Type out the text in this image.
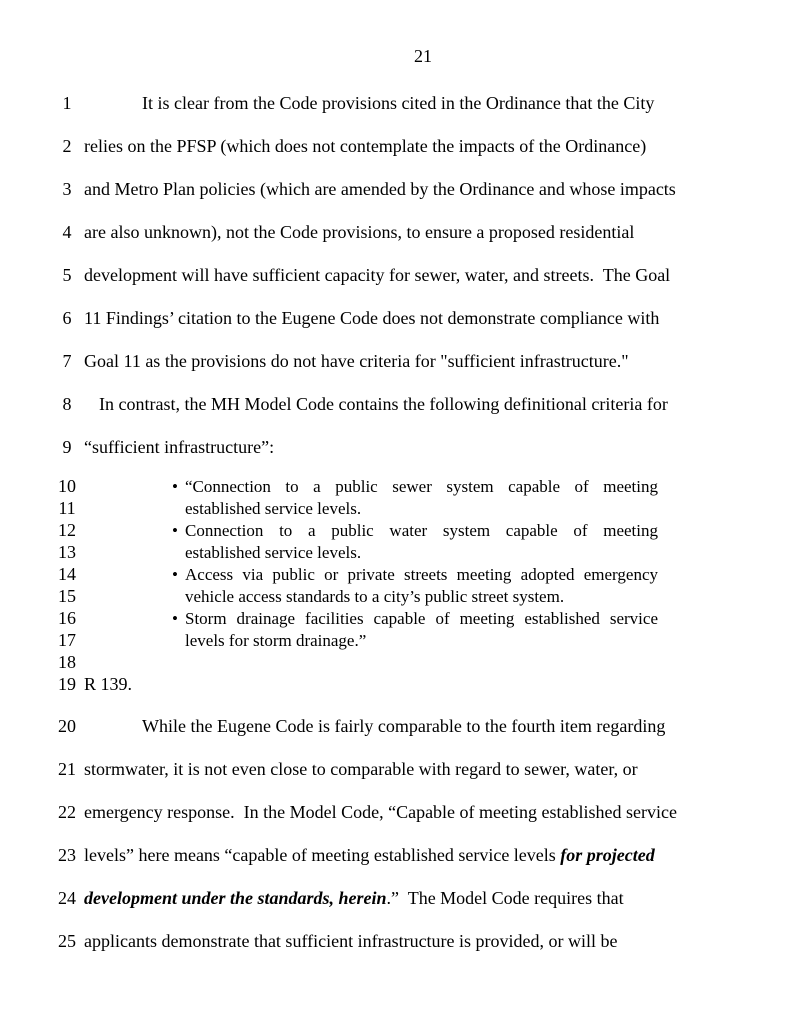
21
1	It is clear from the Code provisions cited in the Ordinance that the City
2 relies on the PFSP (which does not contemplate the impacts of the Ordinance)
3 and Metro Plan policies (which are amended by the Ordinance and whose impacts
4 are also unknown), not the Code provisions, to ensure a proposed residential
5 development will have sufficient capacity for sewer, water, and streets.  The Goal
6 11 Findings’ citation to the Eugene Code does not demonstrate compliance with
7 Goal 11 as the provisions do not have criteria for "sufficient infrastructure."
8	In contrast, the MH Model Code contains the following definitional criteria for
9 “sufficient infrastructure”:
10	• “Connection to a public sewer system capable of meeting
11	established service levels.
12	• Connection to a public water system capable of meeting
13	established service levels.
14	• Access via public or private streets meeting adopted emergency
15	vehicle access standards to a city’s public street system.
16	• Storm drainage facilities capable of meeting established service
17	levels for storm drainage.”
18
19 R 139.
20	While the Eugene Code is fairly comparable to the fourth item regarding
21 stormwater, it is not even close to comparable with regard to sewer, water, or
22 emergency response.  In the Model Code, “Capable of meeting established service
23 levels” here means “capable of meeting established service levels for projected
24 development under the standards, herein.”  The Model Code requires that
25 applicants demonstrate that sufficient infrastructure is provided, or will be
